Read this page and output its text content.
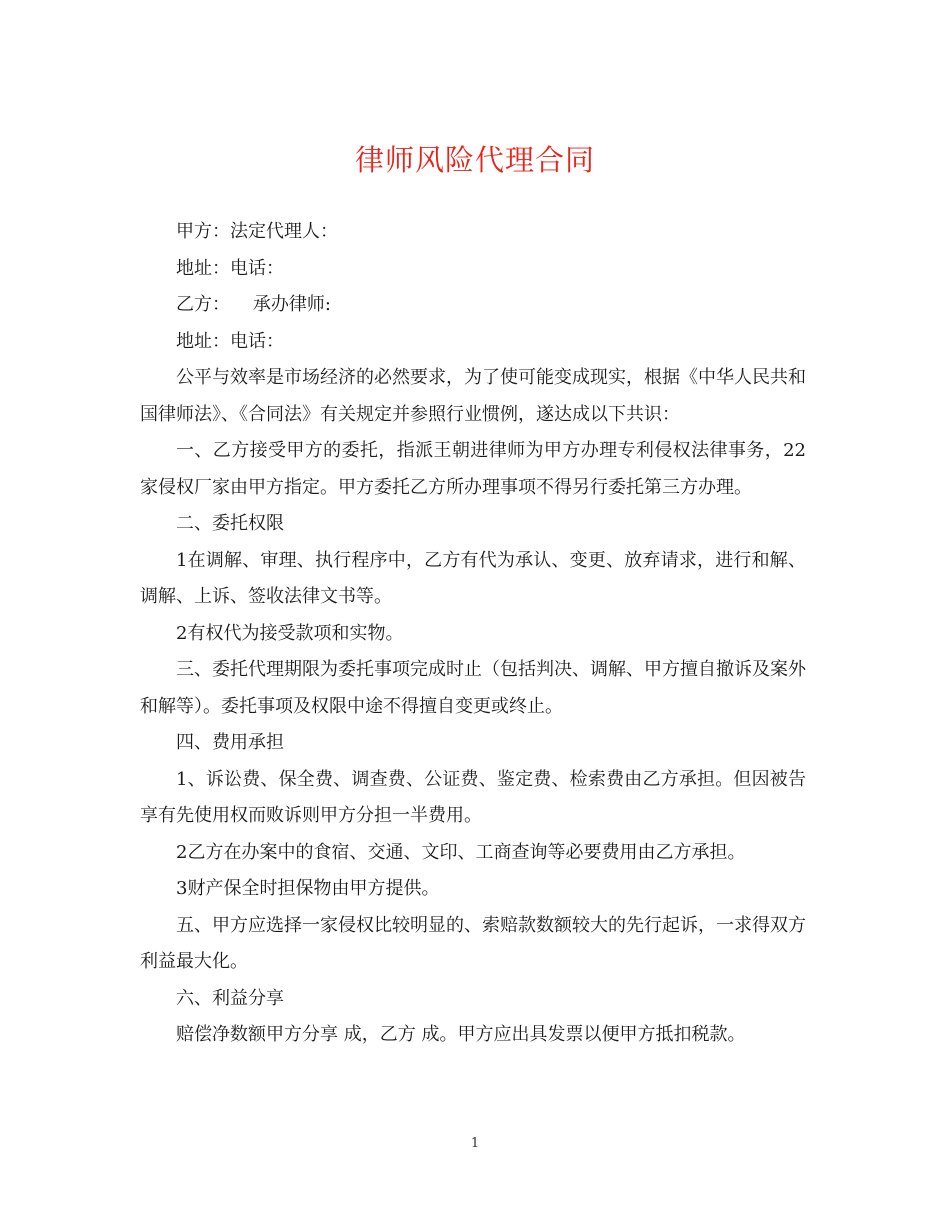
律师风险代理合同

甲方：法定代理人：

地址：电话：

乙方：    承办律师:

地址：电话：

公平与效率是市场经济的必然要求，为了使可能变成现实，根据《中华人民共和国律师法》、《合同法》有关规定并参照行业惯例，遂达成以下共识：

一、乙方接受甲方的委托，指派王朝进律师为甲方办理专利侵权法律事务，22家侵权厂家由甲方指定。甲方委托乙方所办理事项不得另行委托第三方办理。

二、委托权限

1在调解、审理、执行程序中，乙方有代为承认、变更、放弃请求，进行和解、调解、上诉、签收法律文书等。

2有权代为接受款项和实物。

三、委托代理期限为委托事项完成时止（包括判决、调解、甲方擅自撤诉及案外和解等）。委托事项及权限中途不得擅自变更或终止。

四、费用承担

1、诉讼费、保全费、调查费、公证费、鉴定费、检索费由乙方承担。但因被告享有先使用权而败诉则甲方分担一半费用。

2乙方在办案中的食宿、交通、文印、工商查询等必要费用由乙方承担。

3财产保全时担保物由甲方提供。

五、甲方应选择一家侵权比较明显的、索赔款数额较大的先行起诉，一求得双方利益最大化。

六、利益分享

赔偿净数额甲方分享 成，乙方 成。甲方应出具发票以便甲方抵扣税款。

1
